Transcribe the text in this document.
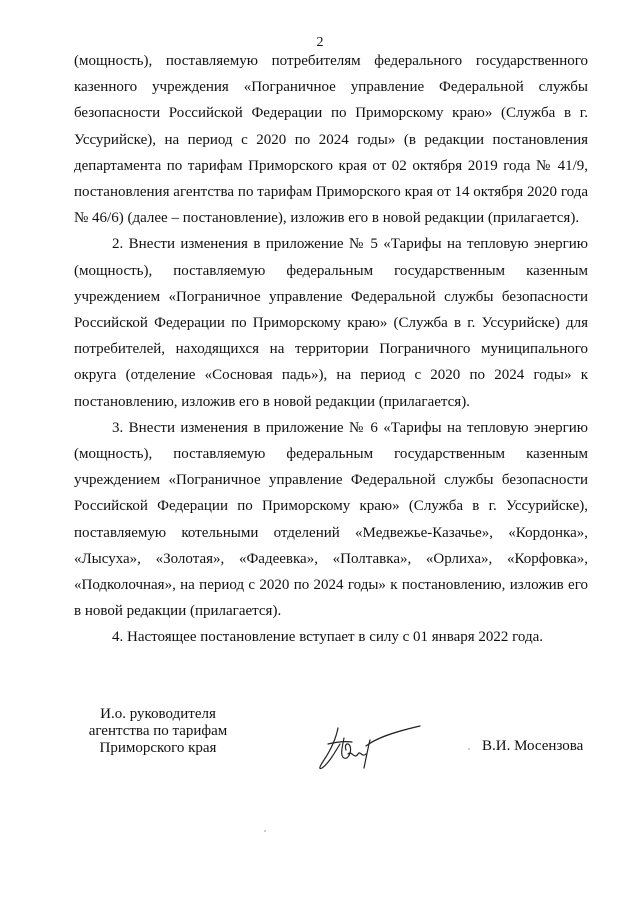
2

(мощность), поставляемую потребителям федерального государственного казенного учреждения «Пограничное управление Федеральной службы безопасности Российской Федерации по Приморскому краю» (Служба в г. Уссурийске), на период с 2020 по 2024 годы» (в редакции постановления департамента по тарифам Приморского края от 02 октября 2019 года № 41/9, постановления агентства по тарифам Приморского края от 14 октября 2020 года № 46/6) (далее – постановление), изложив его в новой редакции (прилагается).

2. Внести изменения в приложение № 5 «Тарифы на тепловую энергию (мощность), поставляемую федеральным государственным казенным учреждением «Пограничное управление Федеральной службы безопасности Российской Федерации по Приморскому краю» (Служба в г. Уссурийске) для потребителей, находящихся на территории Пограничного муниципального округа (отделение «Сосновая падь»), на период с 2020 по 2024 годы» к постановлению, изложив его в новой редакции (прилагается).

3. Внести изменения в приложение № 6 «Тарифы на тепловую энергию (мощность), поставляемую федеральным государственным казенным учреждением «Пограничное управление Федеральной службы безопасности Российской Федерации по Приморскому краю» (Служба в г. Уссурийске), поставляемую котельными отделений «Медвежье-Казачье», «Кордонка», «Лысуха», «Золотая», «Фадеевка», «Полтавка», «Орлиха», «Корфовка», «Подколочная», на период с 2020 по 2024 годы» к постановлению, изложив его в новой редакции (прилагается).

4. Настоящее постановление вступает в силу с 01 января 2022 года.

И.о. руководителя
агентства по тарифам
Приморского края	В.И. Мосензова
